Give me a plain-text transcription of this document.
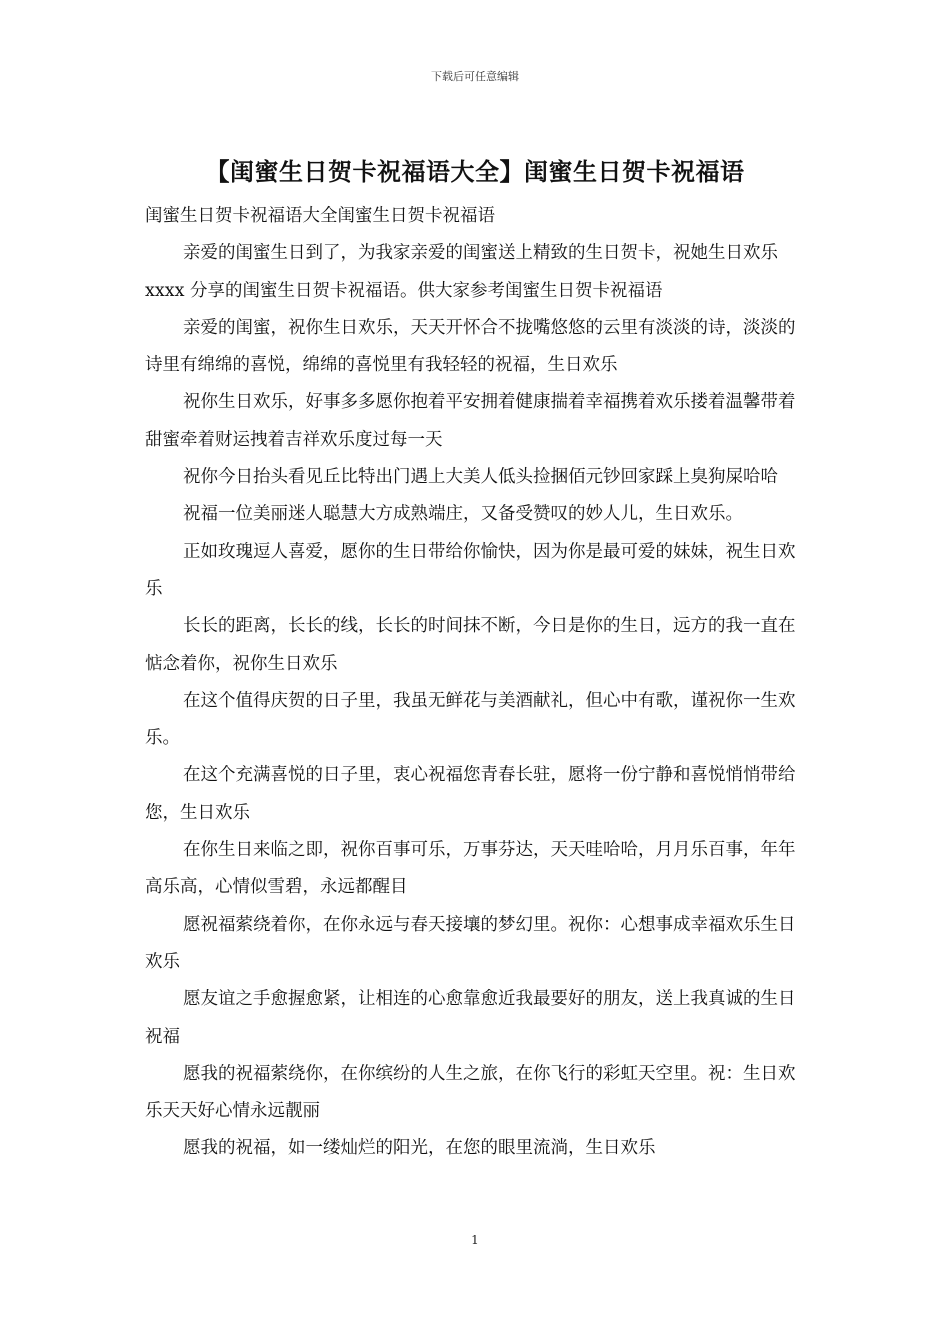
下载后可任意编辑
【闺蜜生日贺卡祝福语大全】闺蜜生日贺卡祝福语

闺蜜生日贺卡祝福语大全闺蜜生日贺卡祝福语

亲爱的闺蜜生日到了，为我家亲爱的闺蜜送上精致的生日贺卡，祝她生日欢乐 xxxx 分享的闺蜜生日贺卡祝福语。供大家参考闺蜜生日贺卡祝福语

亲爱的闺蜜，祝你生日欢乐，天天开怀合不拢嘴悠悠的云里有淡淡的诗，淡淡的诗里有绵绵的喜悦，绵绵的喜悦里有我轻轻的祝福，生日欢乐

祝你生日欢乐，好事多多愿你抱着平安拥着健康揣着幸福携着欢乐搂着温馨带着甜蜜牵着财运拽着吉祥欢乐度过每一天

祝你今日抬头看见丘比特出门遇上大美人低头捡捆佰元钞回家踩上臭狗屎哈哈

祝福一位美丽迷人聪慧大方成熟端庄，又备受赞叹的妙人儿，生日欢乐。

正如玫瑰逗人喜爱，愿你的生日带给你愉快，因为你是最可爱的妹妹，祝生日欢乐

长长的距离，长长的线，长长的时间抹不断，今日是你的生日，远方的我一直在惦念着你，祝你生日欢乐

在这个值得庆贺的日子里，我虽无鲜花与美酒献礼，但心中有歌，谨祝你一生欢乐。

在这个充满喜悦的日子里，衷心祝福您青春长驻，愿将一份宁静和喜悦悄悄带给您，生日欢乐

在你生日来临之即，祝你百事可乐，万事芬达，天天哇哈哈，月月乐百事，年年高乐高，心情似雪碧，永远都醒目

愿祝福萦绕着你，在你永远与春天接壤的梦幻里。祝你：心想事成幸福欢乐生日欢乐

愿友谊之手愈握愈紧，让相连的心愈靠愈近我最要好的朋友，送上我真诚的生日祝福

愿我的祝福萦绕你，在你缤纷的人生之旅，在你飞行的彩虹天空里。祝：生日欢乐天天好心情永远靓丽

愿我的祝福，如一缕灿烂的阳光，在您的眼里流淌，生日欢乐

1
